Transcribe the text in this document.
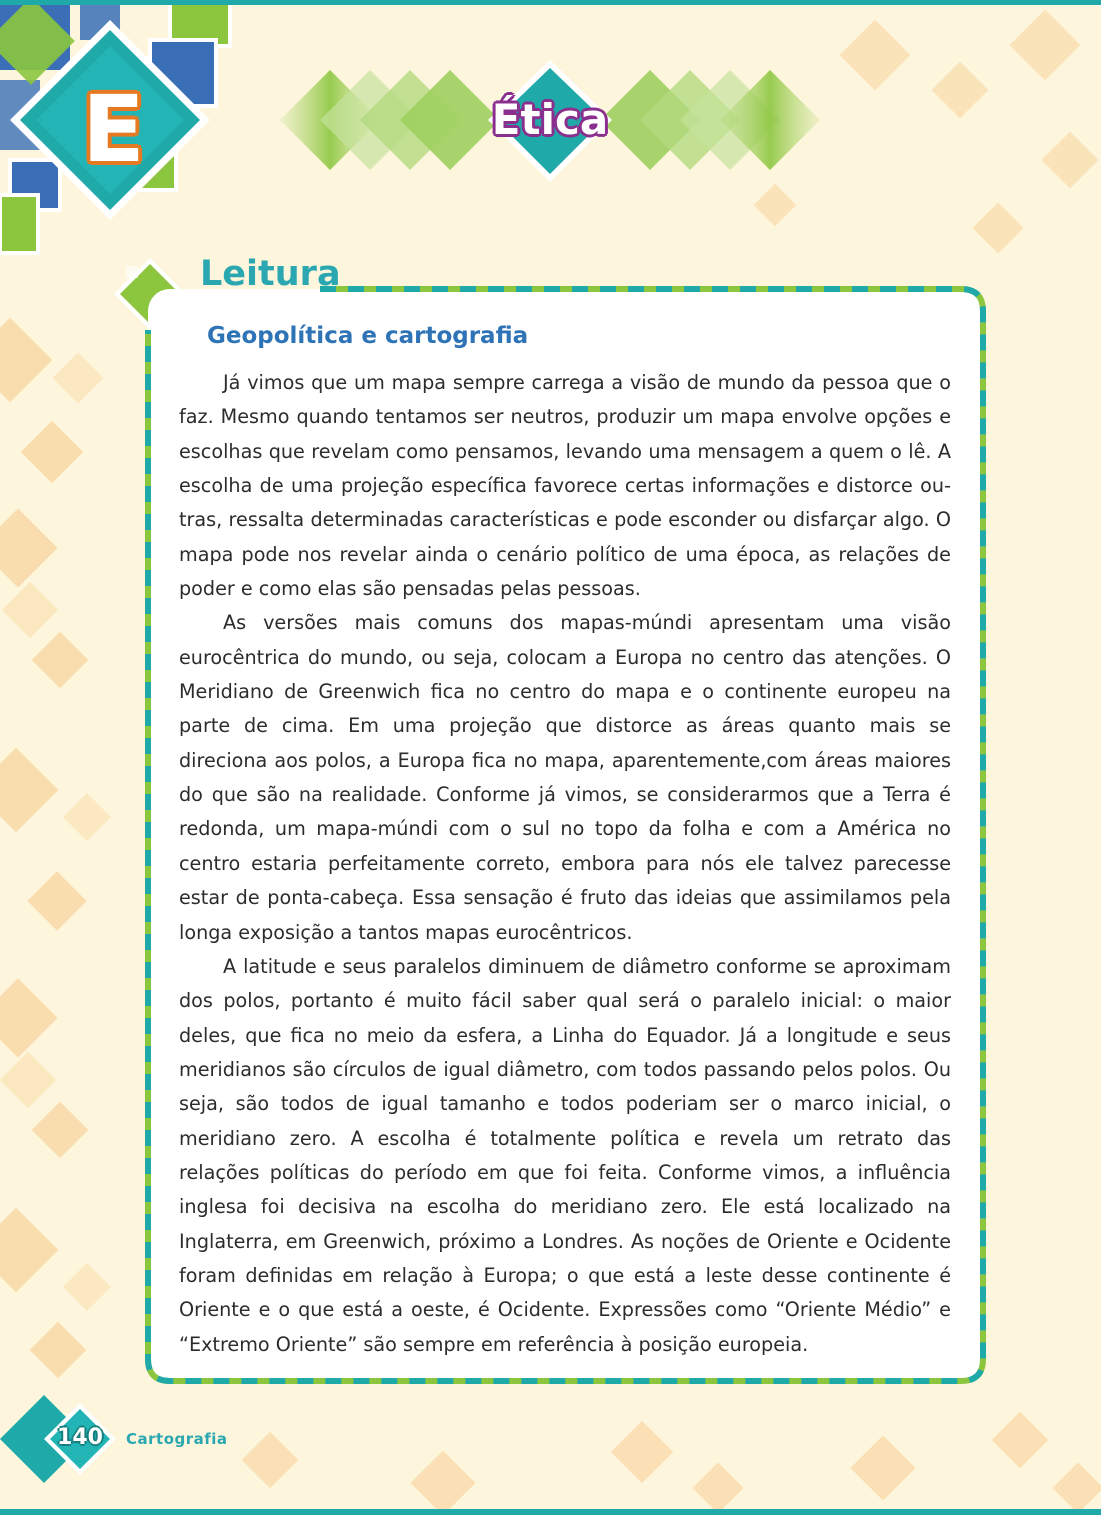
E	Ética
Leitura
Geopolítica e cartografia

Já vimos que um mapa sempre carrega a visão de mundo da pessoa que o faz. Mesmo quando tentamos ser neutros, produzir um mapa envolve opções e escolhas que revelam como pensamos, levando uma mensagem a quem o lê. A escolha de uma projeção específica favorece certas informações e distorce outras, ressalta determinadas características e pode esconder ou disfarçar algo. O mapa pode nos revelar ainda o cenário político de uma época, as relações de poder e como elas são pensadas pelas pessoas.

As versões mais comuns dos mapas-múndi apresentam uma visão eurocêntrica do mundo, ou seja, colocam a Europa no centro das atenções. O Meridiano de Greenwich fica no centro do mapa e o continente europeu na parte de cima. Em uma projeção que distorce as áreas quanto mais se direciona aos polos, a Europa fica no mapa, aparentemente,com áreas maiores do que são na realidade. Conforme já vimos, se considerarmos que a Terra é redonda, um mapa-múndi com o sul no topo da folha e com a América no centro estaria perfeitamente correto, embora para nós ele talvez parecesse estar de ponta-cabeça. Essa sensação é fruto das ideias que assimilamos pela longa exposição a tantos mapas eurocêntricos.

A latitude e seus paralelos diminuem de diâmetro conforme se aproximam dos polos, portanto é muito fácil saber qual será o paralelo inicial: o maior deles, que fica no meio da esfera, a Linha do Equador. Já a longitude e seus meridianos são círculos de igual diâmetro, com todos passando pelos polos. Ou seja, são todos de igual tamanho e todos poderiam ser o marco inicial, o meridiano zero. A escolha é totalmente política e revela um retrato das relações políticas do período em que foi feita. Conforme vimos, a influência inglesa foi decisiva na escolha do meridiano zero. Ele está localizado na Inglaterra, em Greenwich, próximo a Londres. As noções de Oriente e Ocidente foram definidas em relação à Europa; o que está a leste desse continente é Oriente e o que está a oeste, é Ocidente. Expressões como “Oriente Médio” e “Extremo Oriente” são sempre em referência à posição europeia.

140	Cartografia
